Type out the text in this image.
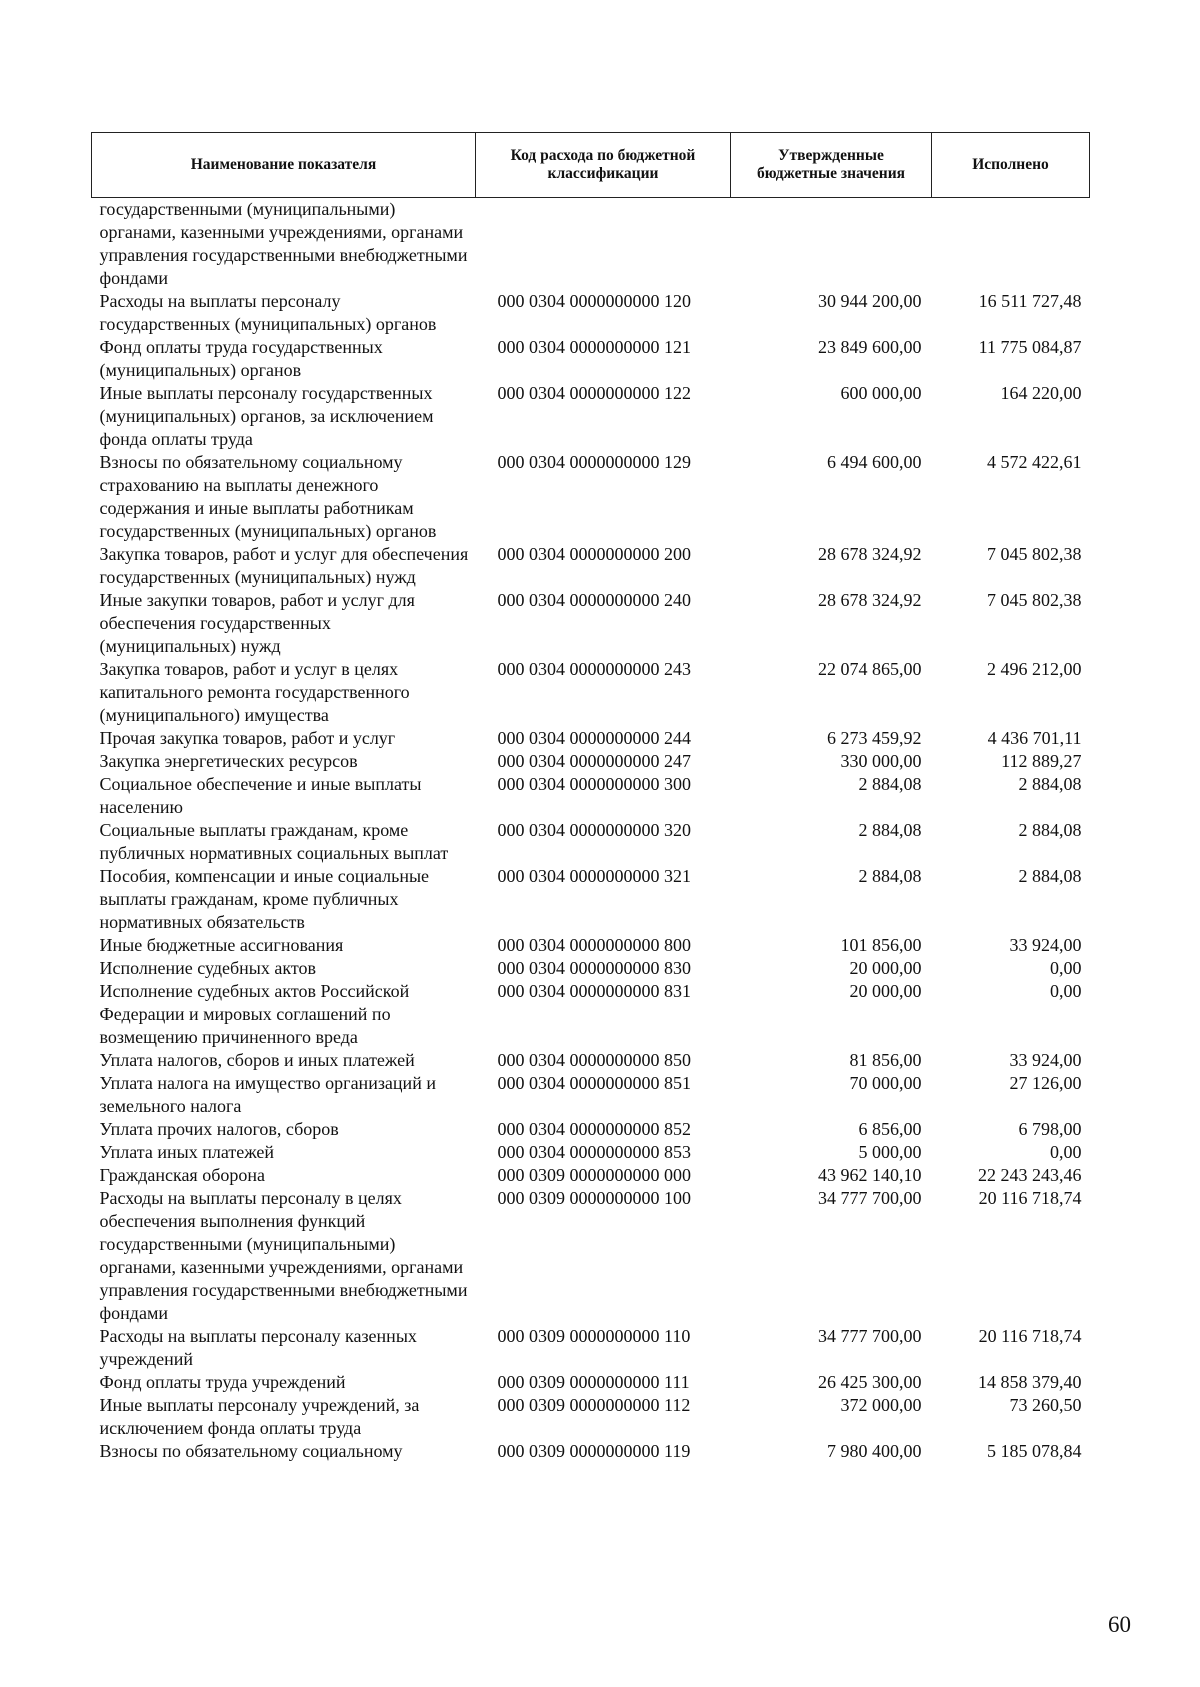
Наименование показателя	Код расхода по бюджетной классификации	Утвержденные бюджетные значения	Исполнено
государственными (муниципальными) органами, казенными учреждениями, органами управления государственными внебюджетными фондами			
Расходы на выплаты персоналу государственных (муниципальных) органов	000 0304 0000000000 120	30 944 200,00	16 511 727,48
Фонд оплаты труда государственных (муниципальных) органов	000 0304 0000000000 121	23 849 600,00	11 775 084,87
Иные выплаты персоналу государственных (муниципальных) органов, за исключением фонда оплаты труда	000 0304 0000000000 122	600 000,00	164 220,00
Взносы по обязательному социальному страхованию на выплаты денежного содержания и иные выплаты работникам государственных (муниципальных) органов	000 0304 0000000000 129	6 494 600,00	4 572 422,61
Закупка товаров, работ и услуг для обеспечения государственных (муниципальных) нужд	000 0304 0000000000 200	28 678 324,92	7 045 802,38
Иные закупки товаров, работ и услуг для обеспечения государственных (муниципальных) нужд	000 0304 0000000000 240	28 678 324,92	7 045 802,38
Закупка товаров, работ и услуг в целях капитального ремонта государственного (муниципального) имущества	000 0304 0000000000 243	22 074 865,00	2 496 212,00
Прочая закупка товаров, работ и услуг	000 0304 0000000000 244	6 273 459,92	4 436 701,11
Закупка энергетических ресурсов	000 0304 0000000000 247	330 000,00	112 889,27
Социальное обеспечение и иные выплаты населению	000 0304 0000000000 300	2 884,08	2 884,08
Социальные выплаты гражданам, кроме публичных нормативных социальных выплат	000 0304 0000000000 320	2 884,08	2 884,08
Пособия, компенсации и иные социальные выплаты гражданам, кроме публичных нормативных обязательств	000 0304 0000000000 321	2 884,08	2 884,08
Иные бюджетные ассигнования	000 0304 0000000000 800	101 856,00	33 924,00
Исполнение судебных актов	000 0304 0000000000 830	20 000,00	0,00
Исполнение судебных актов Российской Федерации и мировых соглашений по возмещению причиненного вреда	000 0304 0000000000 831	20 000,00	0,00
Уплата налогов, сборов и иных платежей	000 0304 0000000000 850	81 856,00	33 924,00
Уплата налога на имущество организаций и земельного налога	000 0304 0000000000 851	70 000,00	27 126,00
Уплата прочих налогов, сборов	000 0304 0000000000 852	6 856,00	6 798,00
Уплата иных платежей	000 0304 0000000000 853	5 000,00	0,00
Гражданская оборона	000 0309 0000000000 000	43 962 140,10	22 243 243,46
Расходы на выплаты персоналу в целях обеспечения выполнения функций государственными (муниципальными) органами, казенными учреждениями, органами управления государственными внебюджетными фондами	000 0309 0000000000 100	34 777 700,00	20 116 718,74
Расходы на выплаты персоналу казенных учреждений	000 0309 0000000000 110	34 777 700,00	20 116 718,74
Фонд оплаты труда учреждений	000 0309 0000000000 111	26 425 300,00	14 858 379,40
Иные выплаты персоналу учреждений, за исключением фонда оплаты труда	000 0309 0000000000 112	372 000,00	73 260,50
Взносы по обязательному социальному	000 0309 0000000000 119	7 980 400,00	5 185 078,84
60
